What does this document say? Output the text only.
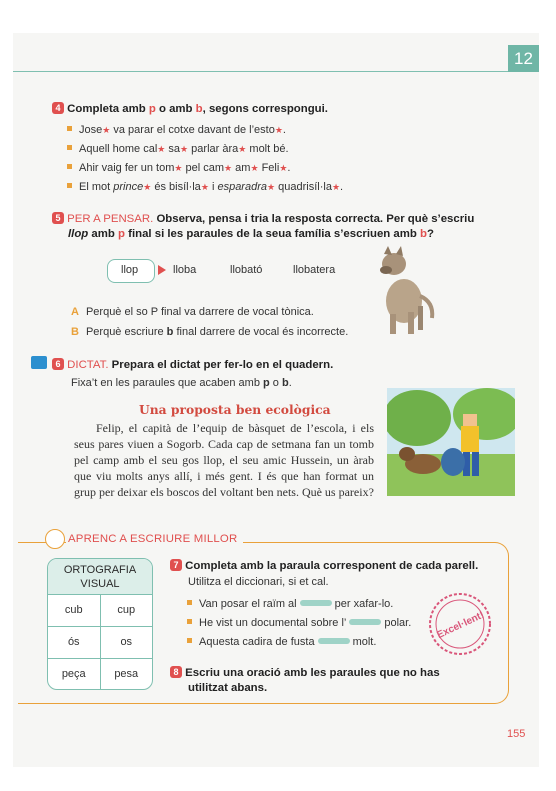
12
4 Completa amb p o amb b, segons correspongui.
Jose★ va parar el cotxe davant de l’esto★.
Aquell home cal★ sa★ parlar àra★ molt bé.
Ahir vaig fer un tom★ pel cam★ am★ Feli★.
El mot prince★ és bisíl·la★ i esparadra★ quadrisíl·la★.
5 PER A PENSAR. Observa, pensa i tria la resposta correcta. Per què s’escriu
llop amb p final si les paraules de la seua família s’escriuen amb b?
llop	lloba	llobató	llobatera
A Perquè el so P final va darrere de vocal tònica.
B Perquè escriure b final darrere de vocal és incorrecte.
6 DICTAT. Prepara el dictat per fer-lo en el quadern.
Fixa’t en les paraules que acaben amb p o b.
Una proposta ben ecològica
Felip, el capità de l’equip de bàsquet de l’escola, i els seus pares viuen a Sogorb. Cada cap de setmana fan un tomb pel camp amb el seu gos llop, el seu amic Hussein, un àrab que viu molts anys allí, i més gent. I és que han format un grup per deixar els boscos del voltant ben nets. Què us pareix?
APRENC A ESCRIURE MILLOR
ORTOGRAFIA
VISUAL
cub	cup
ós	os
peça	pesa
7 Completa amb la paraula corresponent de cada parell.
Utilitza el diccionari, si et cal.
Van posar el raïm al	per xafar-lo.
He vist un documental sobre l’	polar.
Aquesta cadira de fusta	molt.
Excel·lent!
8 Escriu una oració amb les paraules que no has
utilitzat abans.
155
